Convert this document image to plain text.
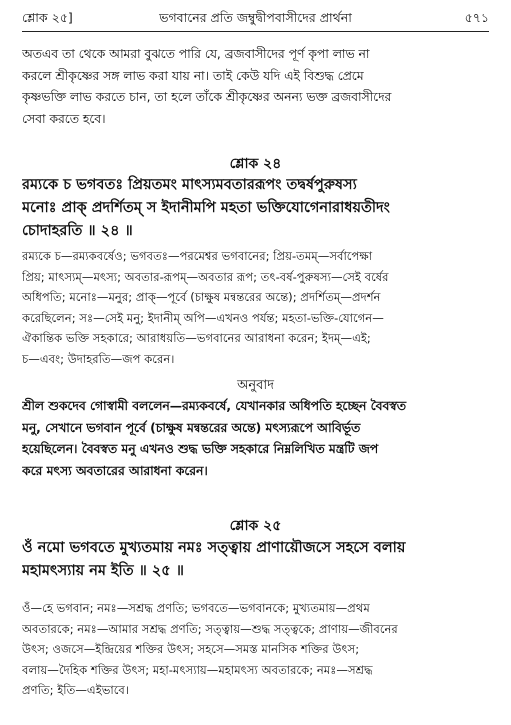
শ্লোক ২৫]	ভগবানের প্রতি জম্বুদ্বীপবাসীদের প্রার্থনা	৫৭১
অতএব তা থেকে আমরা বুঝতে পারি যে, ব্রজবাসীদের পূর্ণ কৃপা লাভ না
করলে শ্রীকৃষ্ণের সঙ্গ লাভ করা যায় না। তাই কেউ যদি এই বিশুদ্ধ প্রেমে
কৃষ্ণভক্তি লাভ করতে চান, তা হলে তাঁকে শ্রীকৃষ্ণের অনন্য ভক্ত ব্রজবাসীদের
সেবা করতে হবে।
শ্লোক ২৪
রম্যকে চ ভগবতঃ প্রিয়তমং মাৎস্যমবতাররূপং তদ্বর্ষপুরুষস্য
মনোঃ প্রাক্ প্রদর্শিতম্ স ইদানীমপি মহতা ভক্তিযোগেনারাধয়তীদং
চোদাহরতি ॥ ২৪ ॥
রম্যকে চ—রম্যকবর্ষেও; ভগবতঃ—পরমেশ্বর ভগবানের; প্রিয়-তমম্—সর্বাপেক্ষা
প্রিয়; মাৎস্যম্—মৎস্য; অবতার-রূপম্—অবতার রূপ; তৎ-বর্ষ-পুরুষস্য—সেই বর্ষের
অধিপতি; মনোঃ—মনুর; প্রাক্—পূর্বে (চাক্ষুষ মন্বন্তরের অন্তে); প্রদর্শিতম্—প্রদর্শন
করেছিলেন; সঃ—সেই মনু; ইদানীম্ অপি—এখনও পর্যন্ত; মহতা-ভক্তি-যোগেন—
ঐকান্তিক ভক্তি সহকারে; আরাধয়তি—ভগবানের আরাধনা করেন; ইদম্—এই;
চ—এবং; উদাহরতি—জপ করেন।
অনুবাদ
শ্রীল শুকদেব গোস্বামী বললেন—রম্যকবর্ষে, যেখানকার অধিপতি হচ্ছেন বৈবস্বত
মনু, সেখানে ভগবান পূর্বে (চাক্ষুষ মন্বন্তরের অন্তে) মৎস্যরূপে আবির্ভূত
হয়েছিলেন। বৈবস্বত মনু এখনও শুদ্ধ ভক্তি সহকারে নিম্নলিখিত মন্ত্রটি জপ
করে মৎস্য অবতারের আরাধনা করেন।
শ্লোক ২৫
ওঁ নমো ভগবতে মুখ্যতমায় নমঃ সত্ত্বায় প্রাণায়ৌজসে সহসে বলায়
মহামৎস্যায় নম ইতি ॥ ২৫ ॥
ওঁ—হে ভগবান; নমঃ—সশ্রদ্ধ প্রণতি; ভগবতে—ভগবানকে; মুখ্যতমায়—প্রথম
অবতারকে; নমঃ—আমার সশ্রদ্ধ প্রণতি; সত্ত্বায়—শুদ্ধ সত্ত্বকে; প্রাণায়—জীবনের
উৎস; ওজসে—ইন্দ্রিয়ের শক্তির উৎস; সহসে—সমস্ত মানসিক শক্তির উৎস;
বলায়—দৈহিক শক্তির উৎস; মহা-মৎস্যায়—মহামৎস্য অবতারকে; নমঃ—সশ্রদ্ধ
প্রণতি; ইতি—এইভাবে।
